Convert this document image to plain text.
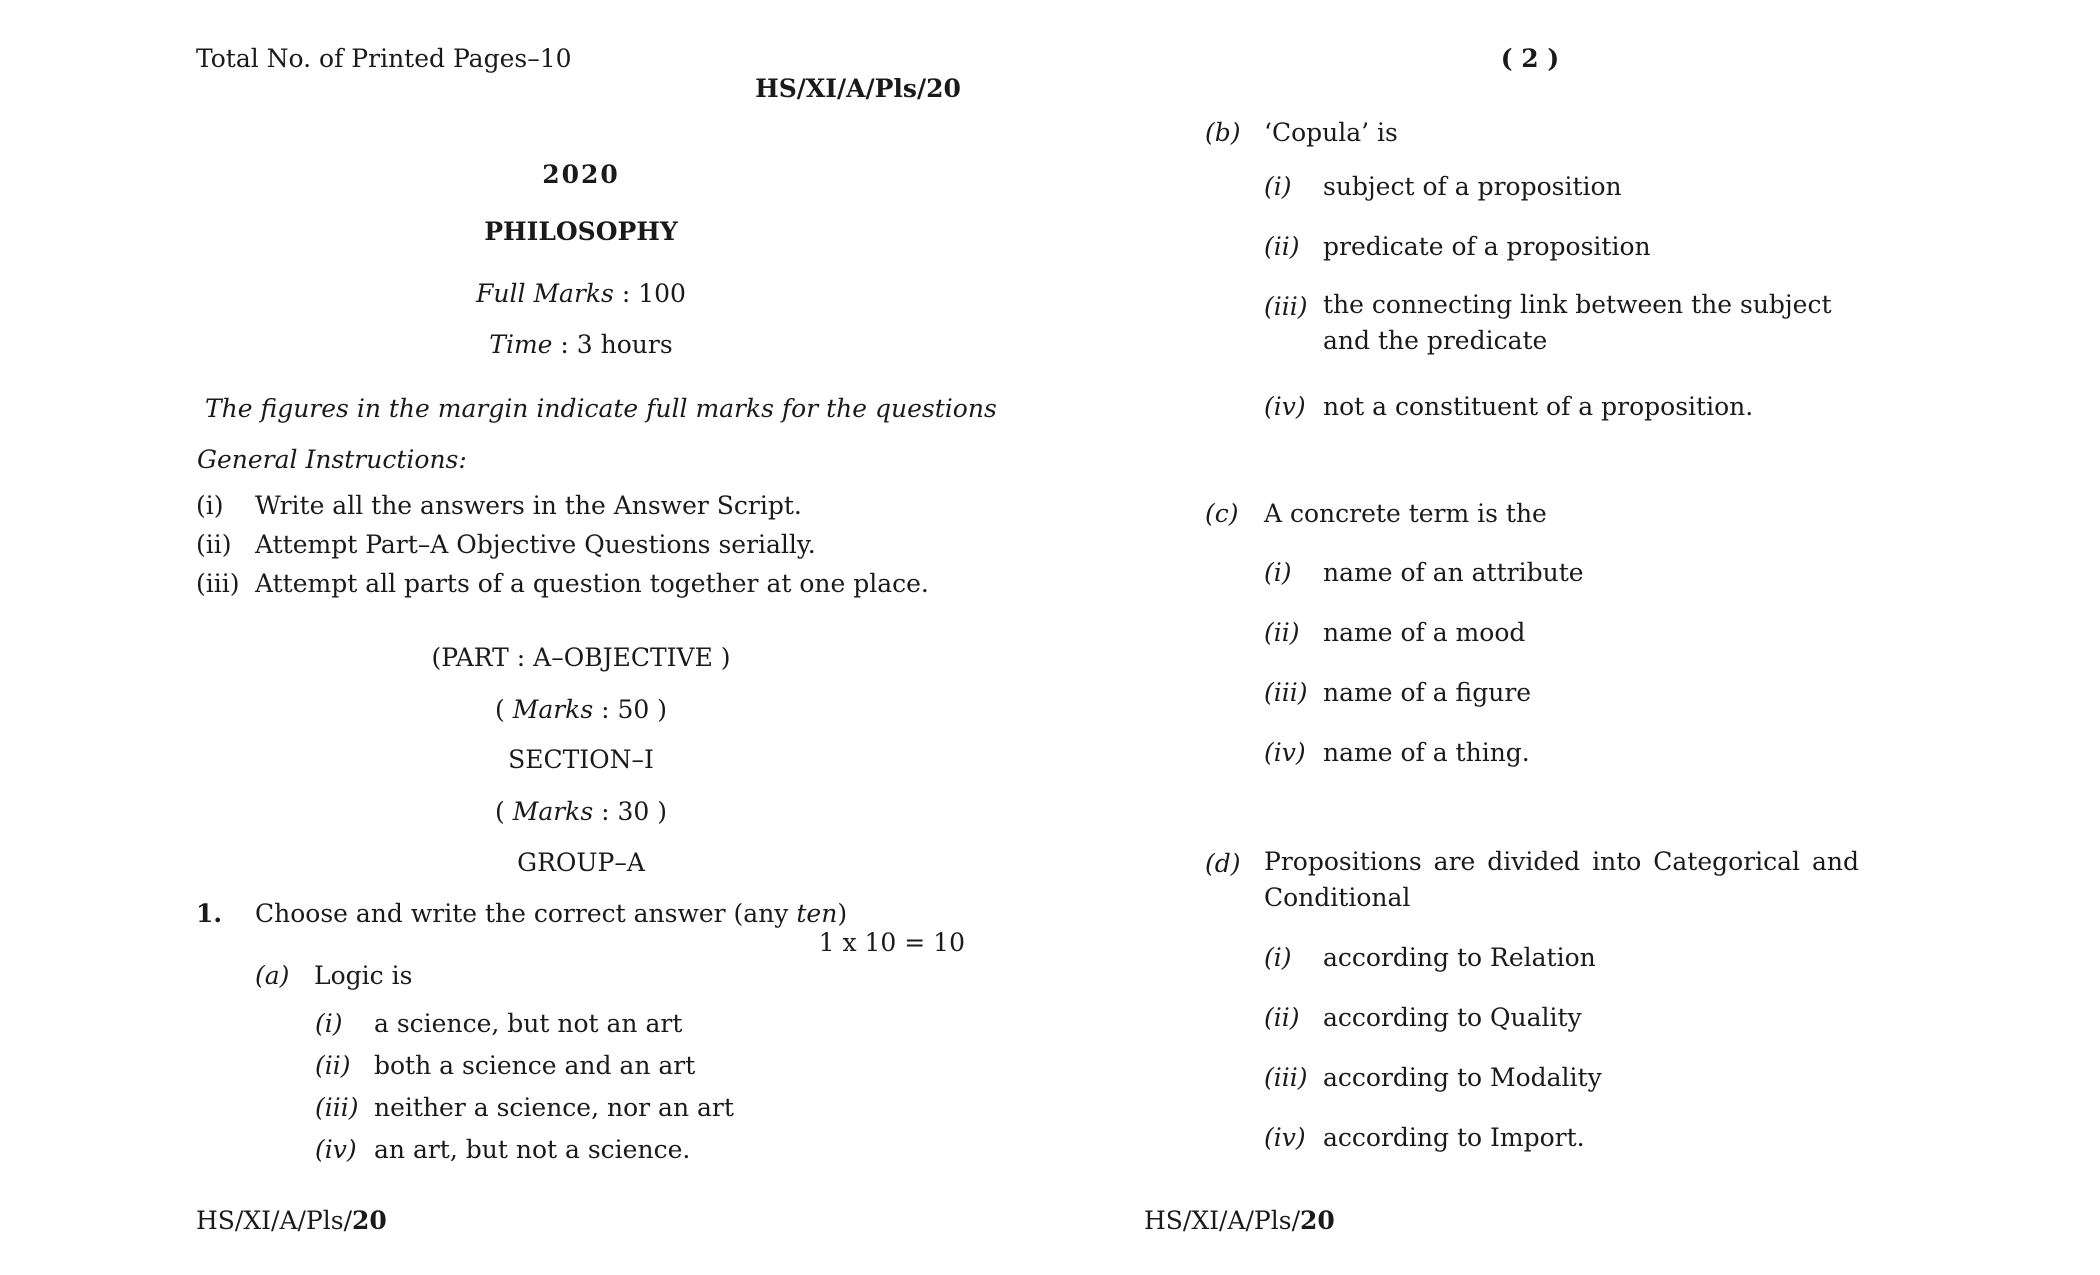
Total No. of Printed Pages–10
HS/XI/A/Pls/20
2020
PHILOSOPHY
Full Marks : 100
Time : 3 hours
The figures in the margin indicate full marks for the questions
General Instructions:
(i) Write all the answers in the Answer Script.
(ii) Attempt Part–A Objective Questions serially.
(iii) Attempt all parts of a question together at one place.
(PART : A–OBJECTIVE )
( Marks : 50 )
SECTION–I
( Marks : 30 )
GROUP–A
1. Choose and write the correct answer (any ten)
1 x 10 = 10
(a) Logic is
(i) a science, but not an art
(ii) both a science and an art
(iii) neither a science, nor an art
(iv) an art, but not a science.
HS/XI/A/Pls/20
( 2 )
(b) ‘Copula’ is
(i) subject of a proposition
(ii) predicate of a proposition
(iii) the connecting link between the subject and the predicate
(iv) not a constituent of a proposition.
(c) A concrete term is the
(i) name of an attribute
(ii) name of a mood
(iii) name of a figure
(iv) name of a thing.
(d) Propositions are divided into Categorical and Conditional
(i) according to Relation
(ii) according to Quality
(iii) according to Modality
(iv) according to Import.
HS/XI/A/Pls/20
